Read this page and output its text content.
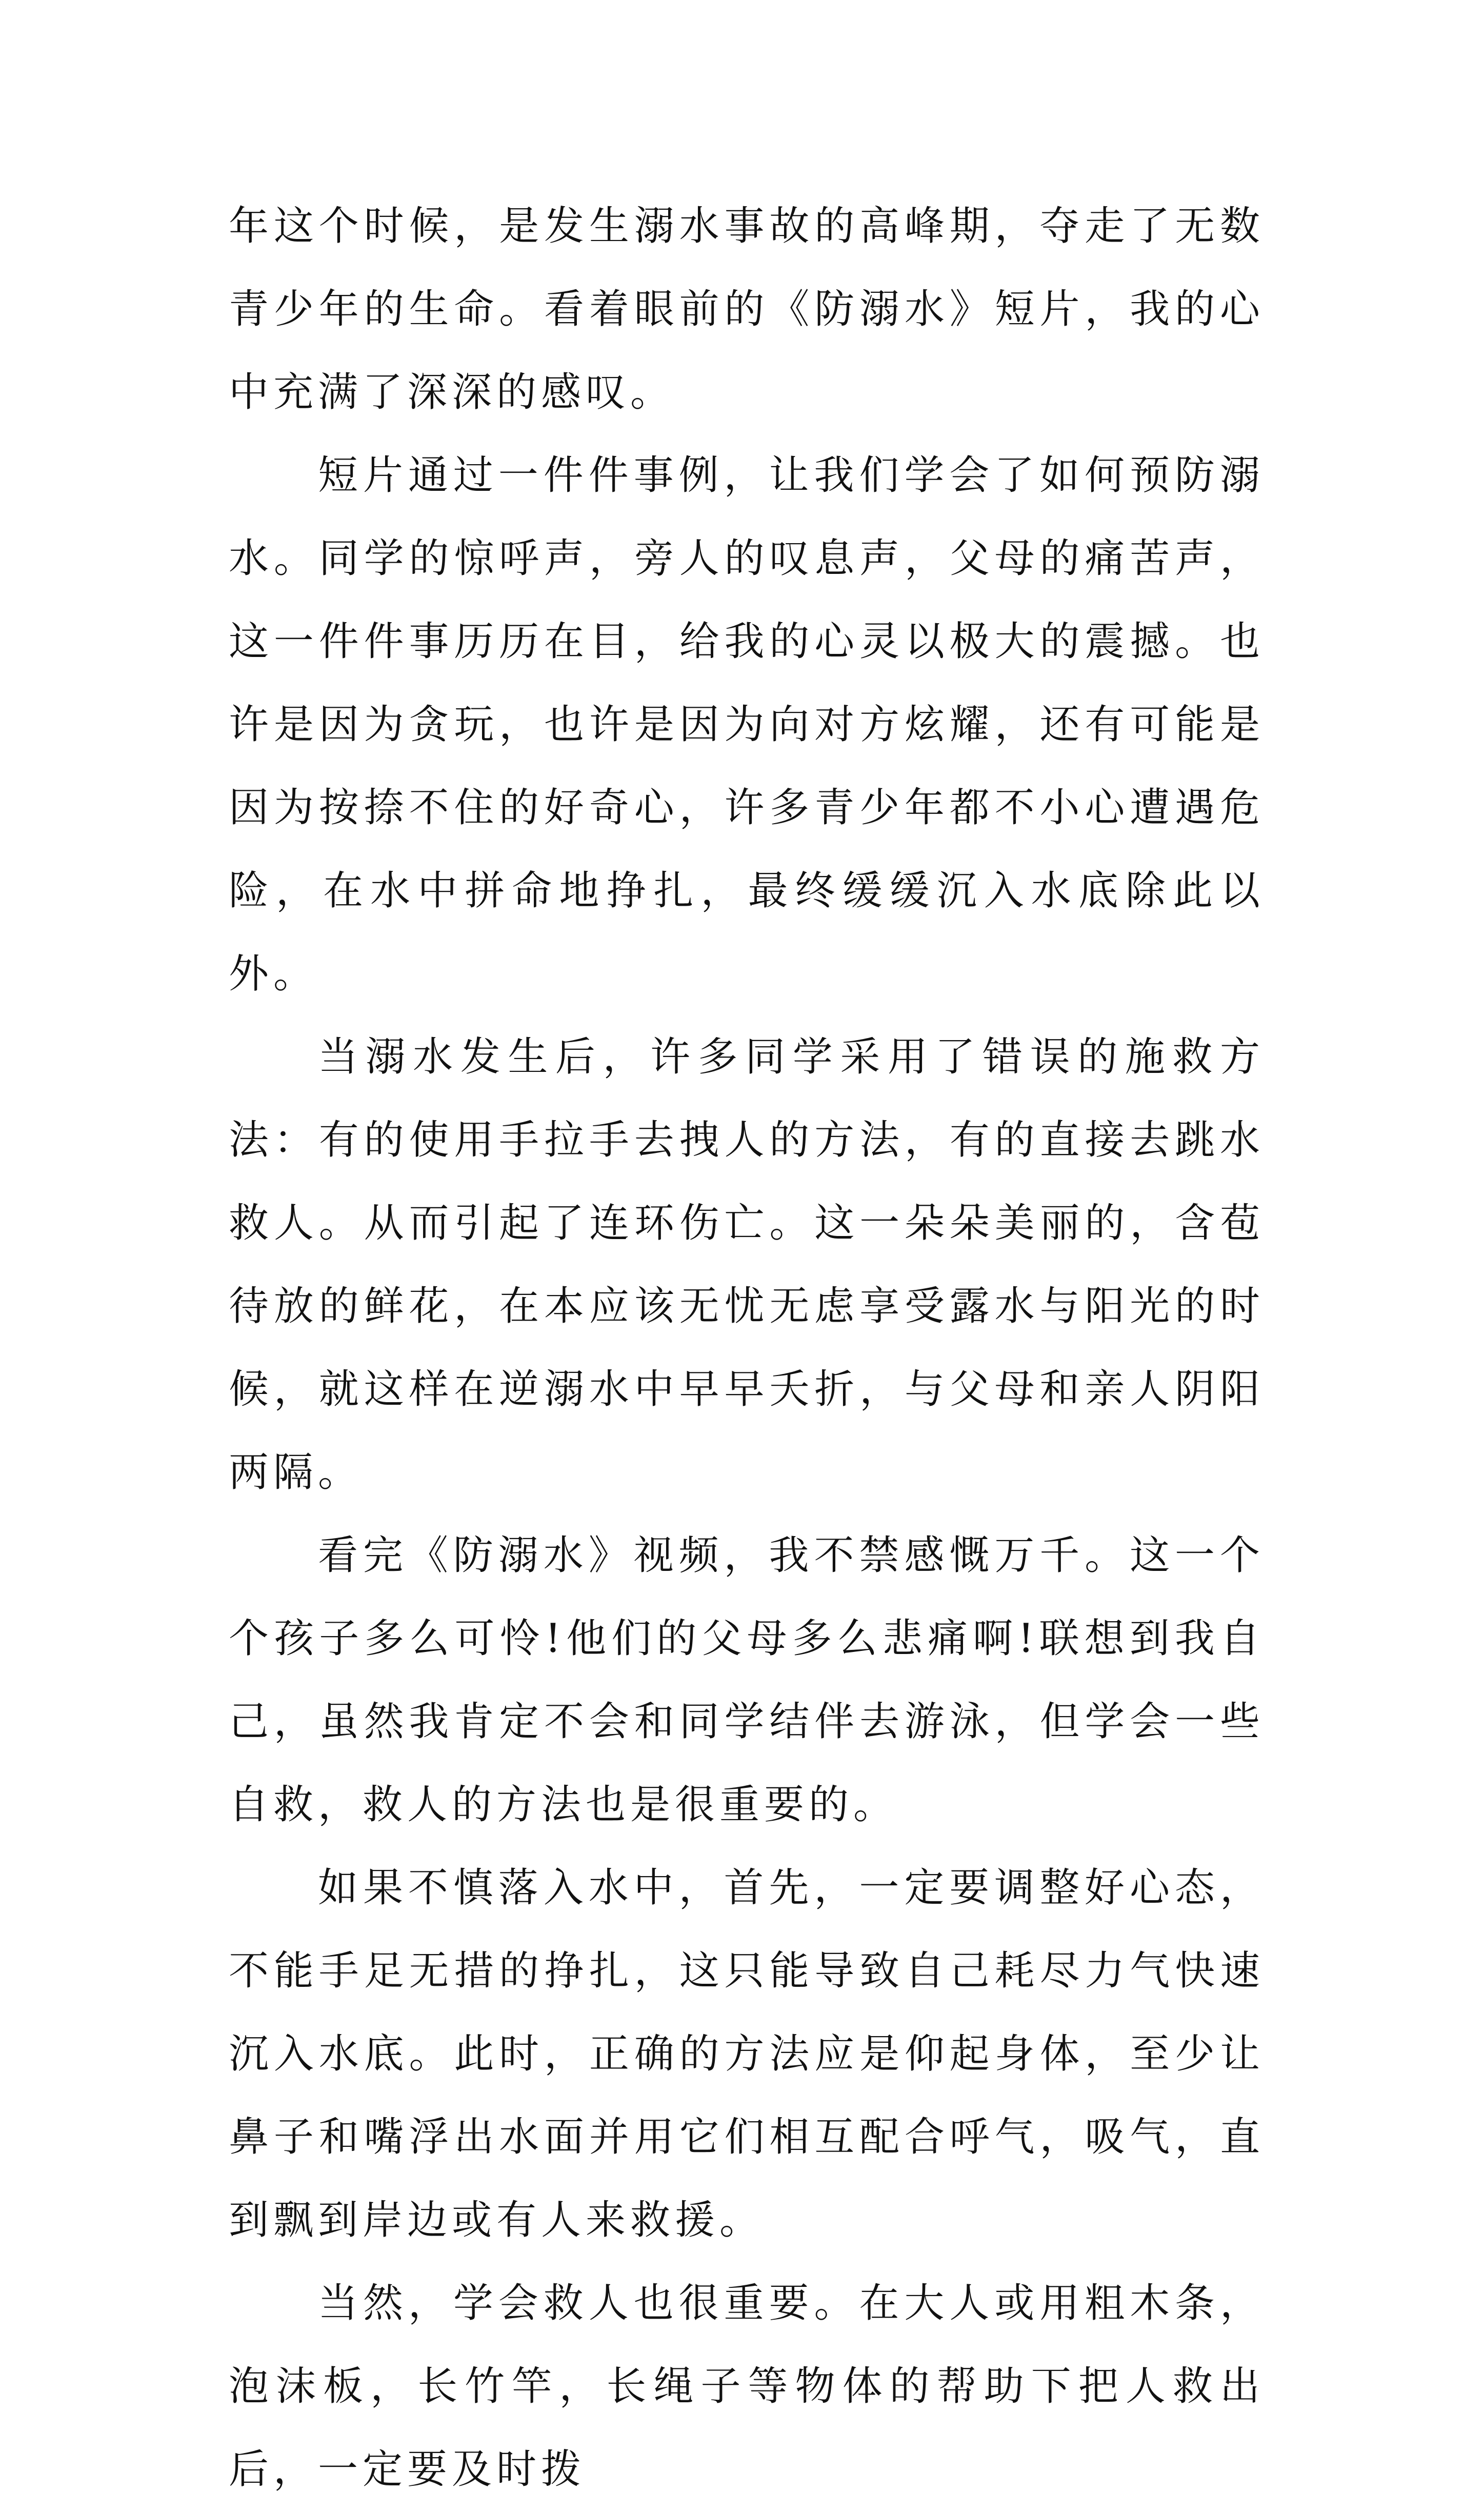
年这个时候，是发生溺水事故的高峰期，夺走了无数青少年的生命。看着眼前的《防溺水》短片，我的心中充满了深深的感叹。

短片通过一件件事例，让我们学会了如何预防溺水。同学的惊呼声，旁人的叹息声，父母的痛苦声，这一件件事历历在目，给我的心灵以极大的震撼。也许是因为贪玩，也许是因为向对方炫耀，还有可能是因为按捺不住的好奇心，许多青少年都不小心遭遇危险，在水中拼命地挣扎，最终缓缓沉入水底除此以外。

当溺水发生后，许多同学采用了错误的施救方法：有的使用手拉手去拽人的方法，有的直接去跳水救人。从而引起了连环伤亡。这一朵朵美丽的，含苞待放的鲜花，在本应该无忧无虑享受露水与阳光的时候，就这样在逆溺水中早早夭折，与父母和亲人阴阳两隔。

看完《防溺水》视频，我不禁感慨万千。这一个个孩子多么可怜!他们的父母多么悲痛啊!联想到我自己，虽然我肯定不会和同学结伴去游泳，但学会一些自救，救人的方法也是很重要的。

如果不慎落入水中，首先，一定要调整好心态，不能手足无措的挣扎，这只能导致自己耗尽力气快速沉入水底。此时，正确的方法应是仰起身体，至少让鼻子和嘴浮出水面并用它们相互配合呼气，吸气，直到飘到岸边或有人来救援。

当然，学会救人也很重要。在大人或用粗木条，泡沫板，长竹竿，长绳子等物体的帮助下把人救出后，一定要及时拨
